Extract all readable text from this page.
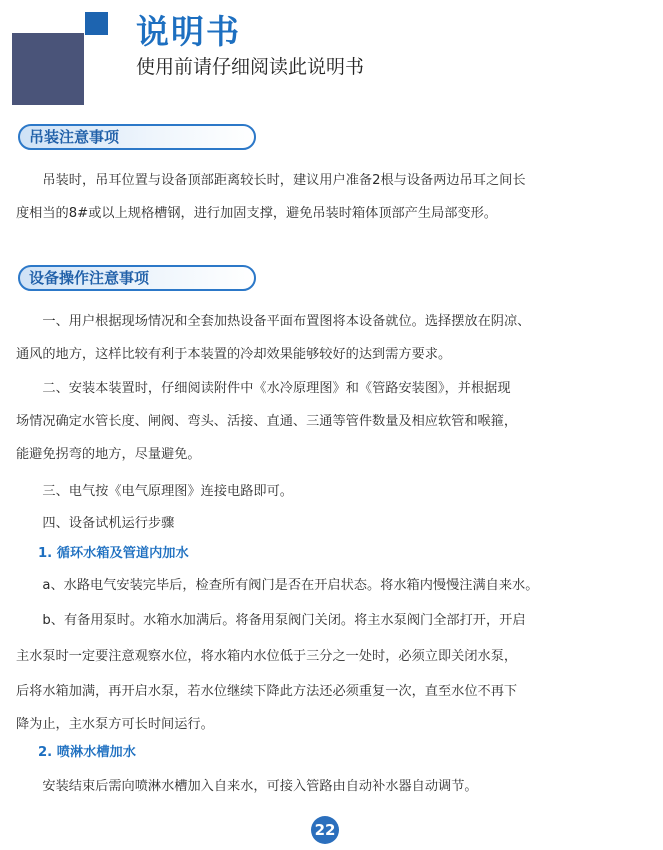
说明书
使用前请仔细阅读此说明书
吊装注意事项
吊装时，吊耳位置与设备顶部距离较长时，建议用户准备2根与设备两边吊耳之间长
度相当的8#或以上规格槽钢，进行加固支撑，避免吊装时箱体顶部产生局部变形。
设备操作注意事项
一、用户根据现场情况和全套加热设备平面布置图将本设备就位。选择摆放在阴凉、
通风的地方，这样比较有利于本装置的冷却效果能够较好的达到需方要求。
二、安装本装置时，仔细阅读附件中《水冷原理图》和《管路安装图》，并根据现
场情况确定水管长度、闸阀、弯头、活接、直通、三通等管件数量及相应软管和喉箍，
能避免拐弯的地方，尽量避免。
三、电气按《电气原理图》连接电路即可。
四、设备试机运行步骤
1. 循环水箱及管道内加水
a、水路电气安装完毕后，检查所有阀门是否在开启状态。将水箱内慢慢注满自来水。
b、有备用泵时。水箱水加满后。将备用泵阀门关闭。将主水泵阀门全部打开，开启
主水泵时一定要注意观察水位，将水箱内水位低于三分之一处时，必须立即关闭水泵，
后将水箱加满，再开启水泵，若水位继续下降此方法还必须重复一次，直至水位不再下
降为止，主水泵方可长时间运行。
2. 喷淋水槽加水
安装结束后需向喷淋水槽加入自来水，可接入管路由自动补水器自动调节。
22
